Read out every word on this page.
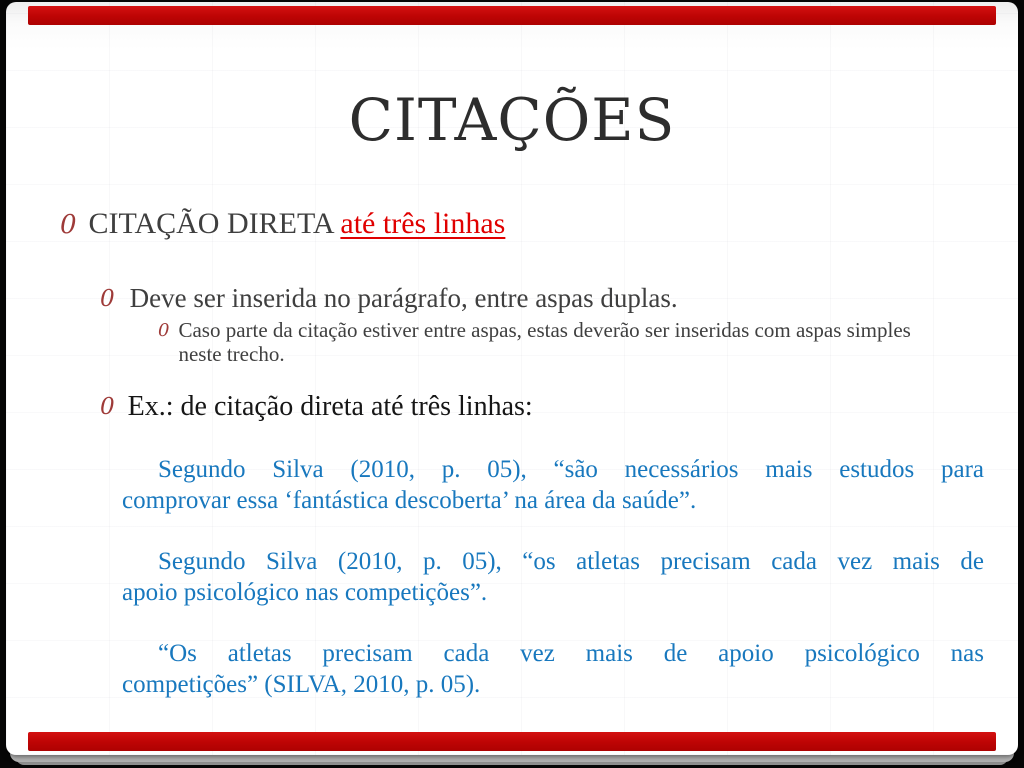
CITAÇÕES
0 CITAÇÃO DIRETA até três linhas
0 Deve ser inserida no parágrafo, entre aspas duplas.
0 Caso parte da citação estiver entre aspas, estas deverão ser inseridas com aspas simples
neste trecho.
0 Ex.: de citação direta até três linhas:
Segundo Silva (2010, p. 05), “são necessários mais estudos para
comprovar essa ‘fantástica descoberta’ na área da saúde”.
Segundo Silva (2010, p. 05), “os atletas precisam cada vez mais de
apoio psicológico nas competições”.
“Os atletas precisam cada vez mais de apoio psicológico nas
competições” (SILVA, 2010, p. 05).
